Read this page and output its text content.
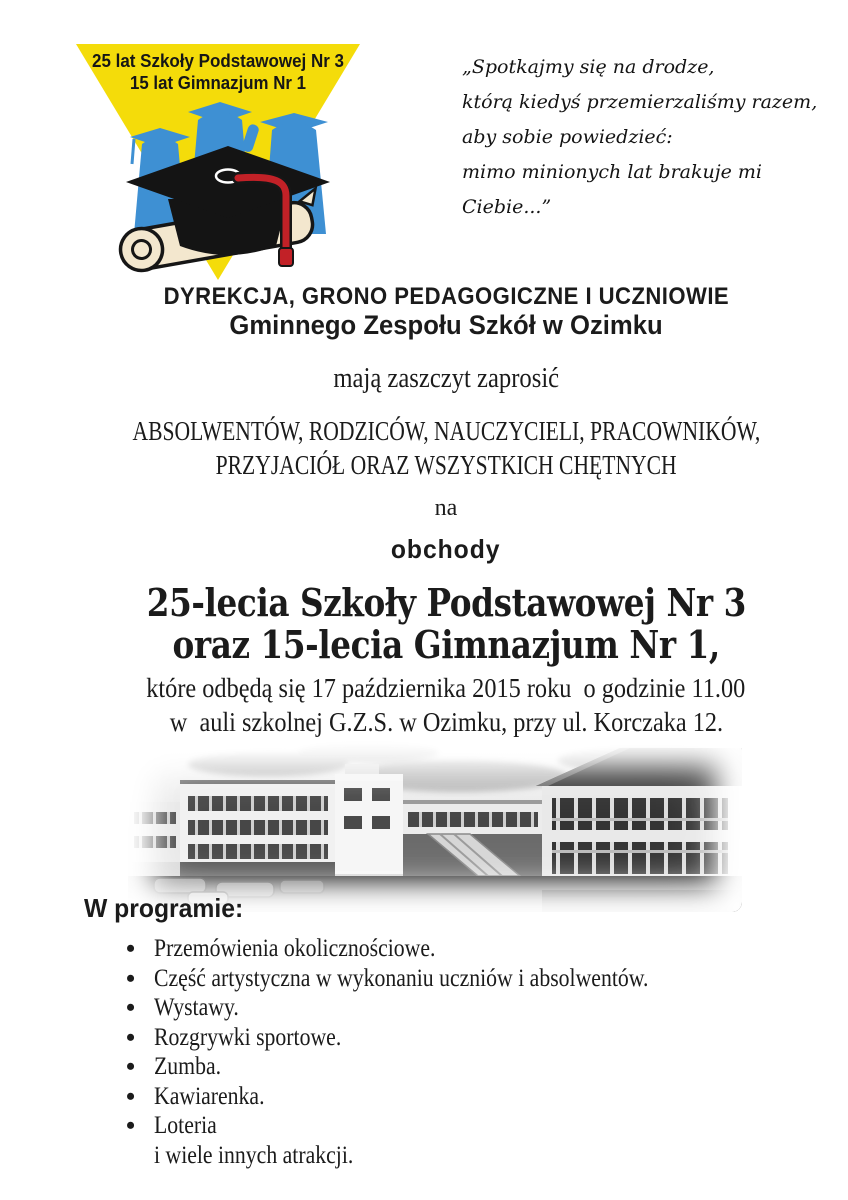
25 lat Szkoły Podstawowej Nr 3
15 lat Gimnazjum Nr 1
„Spotkajmy się na drodze,
którą kiedyś przemierzaliśmy razem,
aby sobie powiedzieć:
mimo minionych lat brakuje mi Ciebie...”
DYREKCJA, GRONO PEDAGOGICZNE I UCZNIOWIE
Gminnego Zespołu Szkół w Ozimku
mają zaszczyt zaprosić
ABSOLWENTÓW, RODZICÓW, NAUCZYCIELI, PRACOWNIKÓW,
PRZYJACIÓŁ ORAZ WSZYSTKICH CHĘTNYCH
na
obchody
25-lecia Szkoły Podstawowej Nr 3
oraz 15-lecia Gimnazjum Nr 1,
które odbędą się 17 października 2015 roku  o godzinie 11.00
w  auli szkolnej G.Z.S. w Ozimku, przy ul. Korczaka 12.
W programie:
• Przemówienia okolicznościowe.
• Część artystyczna w wykonaniu uczniów i absolwentów.
• Wystawy.
• Rozgrywki sportowe.
• Zumba.
• Kawiarenka.
• Loteria
i wiele innych atrakcji.
